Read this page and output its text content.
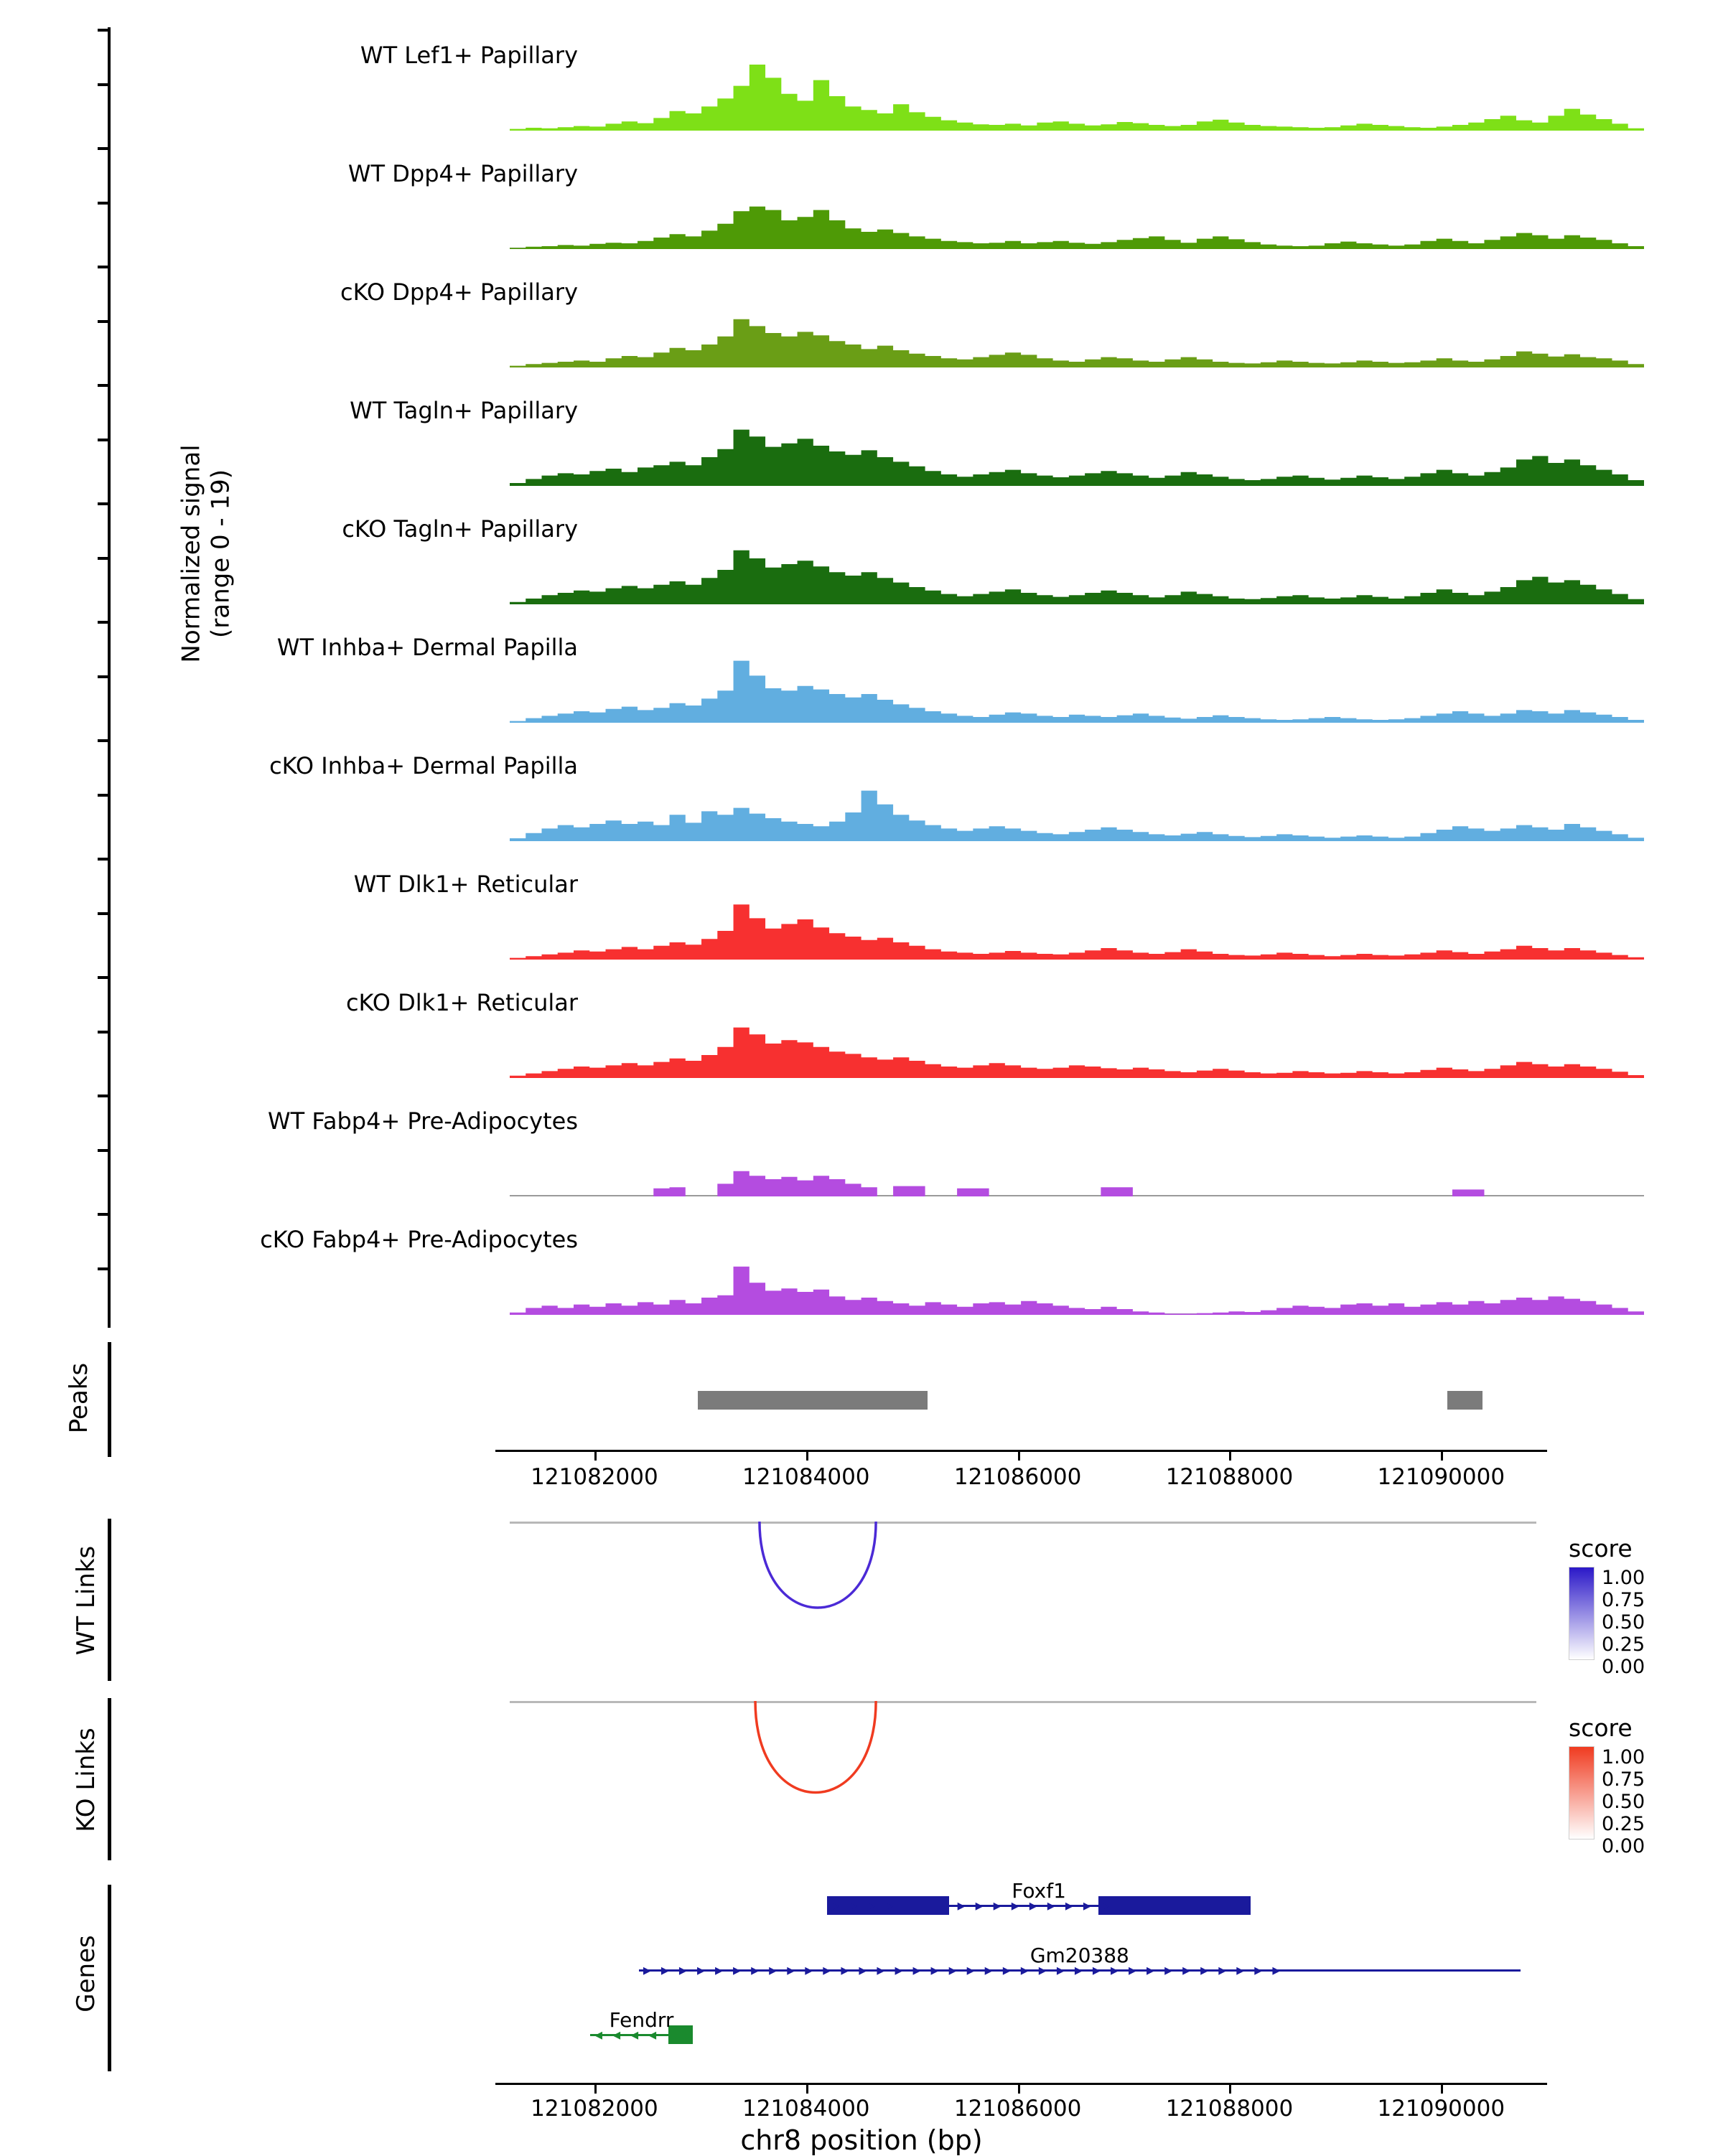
Normalized signal
(range 0 - 19)
WT Lef1+ Papillary
WT Dpp4+ Papillary
cKO Dpp4+ Papillary
WT Tagln+ Papillary
cKO Tagln+ Papillary
WT Inhba+ Dermal Papilla
cKO Inhba+ Dermal Papilla
WT Dlk1+ Reticular
cKO Dlk1+ Reticular
WT Fabp4+ Pre-Adipocytes
cKO Fabp4+ Pre-Adipocytes
Peaks
121082000	121084000	121086000	121088000	121090000
WT Links	score
1.00
0.75
0.50
0.25
0.00
KO Links	score
1.00
0.75
0.50
0.25
0.00
Genes
▸▸▸▸▸▸▸▸▸▸▸▸▸▸▸▸▸
Foxf1
▸▸▸▸▸▸▸▸▸▸▸▸▸▸▸▸▸▸▸▸▸▸▸▸▸▸▸▸▸▸▸▸▸▸▸▸
Gm20388
◂◂◂◂
Fendrr
121082000	121084000	121086000	121088000	121090000
chr8 position (bp)
